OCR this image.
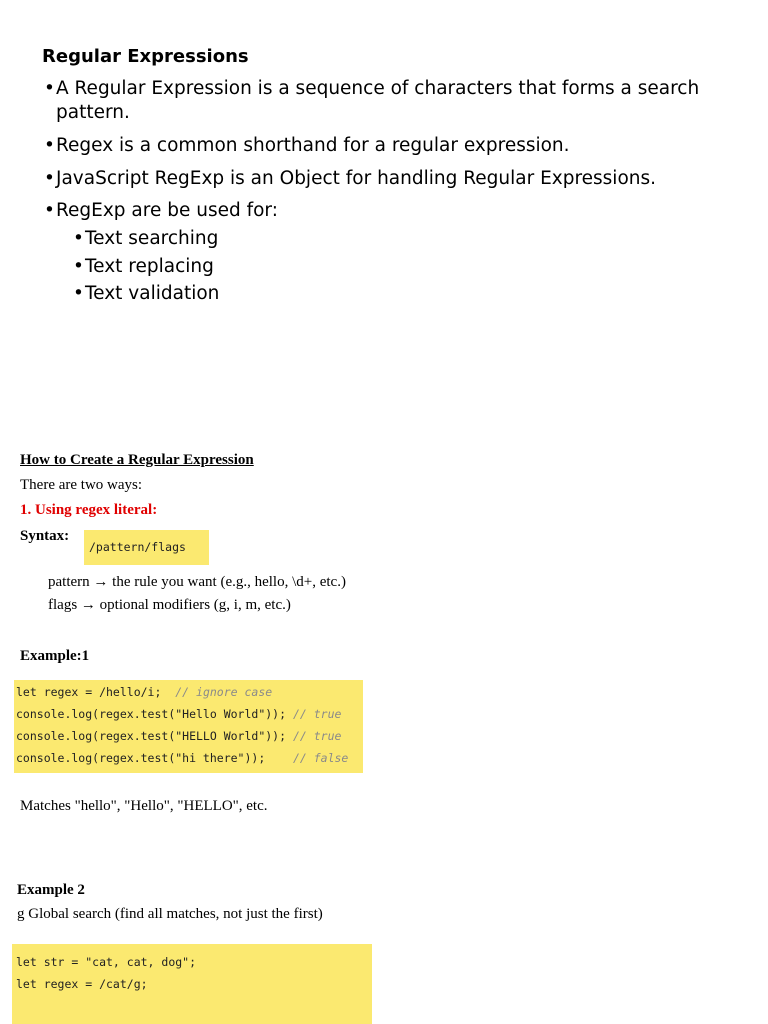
Regular Expressions
• A Regular Expression is a sequence of characters that forms a search pattern.
• Regex is a common shorthand for a regular expression.
• JavaScript RegExp is an Object for handling Regular Expressions.
• RegExp are be used for:
• Text searching
• Text replacing
• Text validation
How to Create a Regular Expression
There are two ways:
1. Using regex literal:
Syntax:
/pattern/flags
pattern → the rule you want (e.g., hello, \d+, etc.)
flags → optional modifiers (g, i, m, etc.)
Example:1
let regex = /hello/i;  // ignore case
console.log(regex.test("Hello World")); // true
console.log(regex.test("HELLO World")); // true
console.log(regex.test("hi there"));    // false
Matches "hello", "Hello", "HELLO", etc.
Example 2
g Global search (find all matches, not just the first)
let str = "cat, cat, dog";
let regex = /cat/g;
